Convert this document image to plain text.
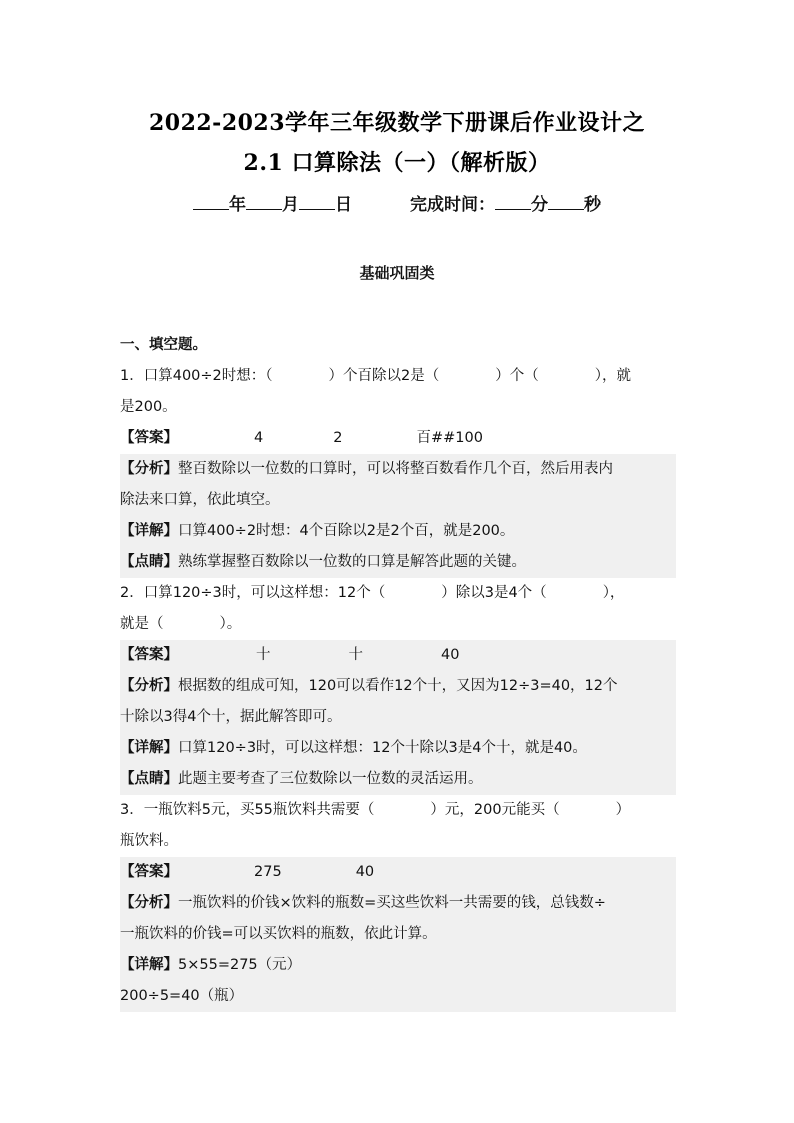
2022-2023学年三年级数学下册课后作业设计之
2.1 口算除法（一）（解析版）
年 月 日	完成时间： 分 秒
基础巩固类
一、填空题。
1．口算400÷2时想：（	）个百除以2是（	）个（	），就
是200。
【答案】	4	2	百##100
【分析】整百数除以一位数的口算时，可以将整百数看作几个百，然后用表内
除法来口算，依此填空。
【详解】口算400÷2时想：4个百除以2是2个百，就是200。
【点睛】熟练掌握整百数除以一位数的口算是解答此题的关键。
2．口算120÷3时，可以这样想：12个（	）除以3是4个（	），
就是（	）。
【答案】	十	十	40
【分析】根据数的组成可知，120可以看作12个十，又因为12÷3=40，12个
十除以3得4个十，据此解答即可。
【详解】口算120÷3时，可以这样想：12个十除以3是4个十，就是40。
【点睛】此题主要考查了三位数除以一位数的灵活运用。
3．一瓶饮料5元，买55瓶饮料共需要（	）元，200元能买（	）
瓶饮料。
【答案】	275	40
【分析】一瓶饮料的价钱×饮料的瓶数=买这些饮料一共需要的钱，总钱数÷
一瓶饮料的价钱=可以买饮料的瓶数，依此计算。
【详解】5×55=275（元）
200÷5=40（瓶）
